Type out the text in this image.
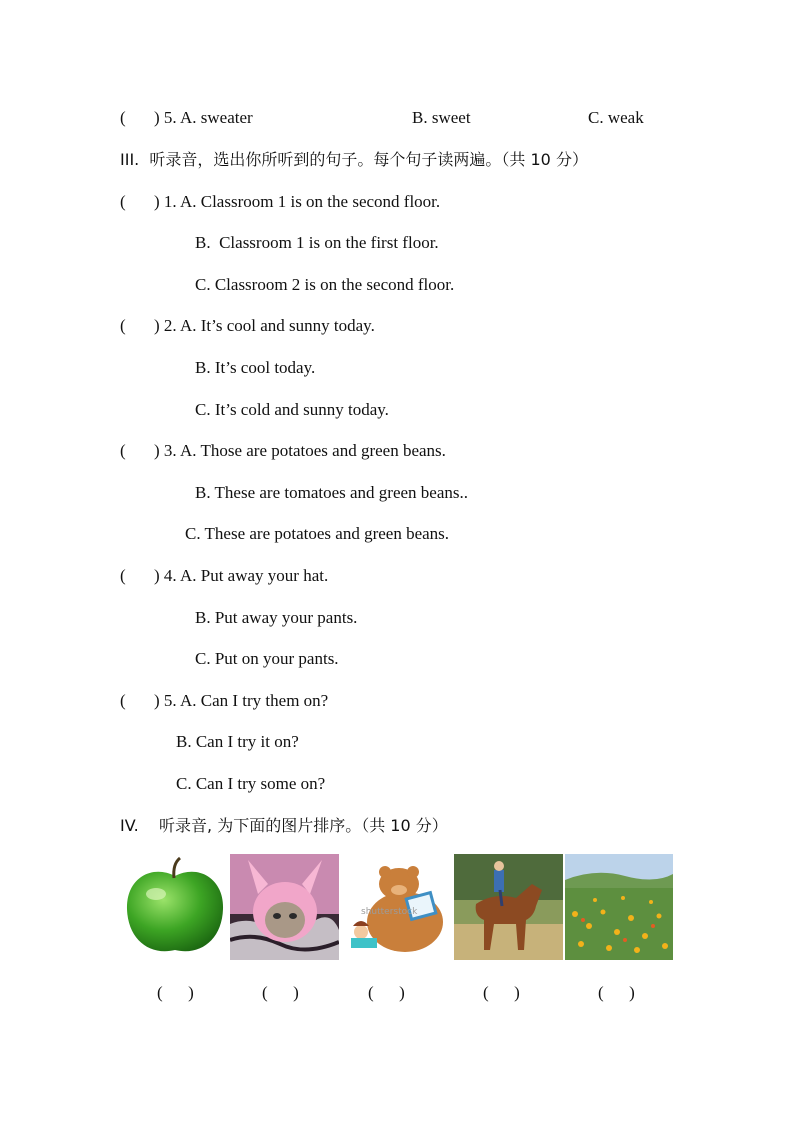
( ) 5. A. sweater	B. sweet	C. weak
III.  听录音，选出你所听到的句子。每个句子读两遍。（共 10 分）
( ) 1. A. Classroom 1 is on the second floor.
B.  Classroom 1 is on the first floor.
C. Classroom 2 is on the second floor.
( ) 2. A. It’s cool and sunny today.
B. It’s cool today.
C. It’s cold and sunny today.
( ) 3. A. Those are potatoes and green beans.
B. These are tomatoes and green beans..
C. These are potatoes and green beans.
( ) 4. A. Put away your hat.
B. Put away your pants.
C. Put on your pants.
( ) 5. A. Can I try them on?
B. Can I try it on?
C. Can I try some on?
IV.    听录音, 为下面的图片排序。（共 10 分）
shutterstock
(      )	(      )	(      )	(      )	(      )
